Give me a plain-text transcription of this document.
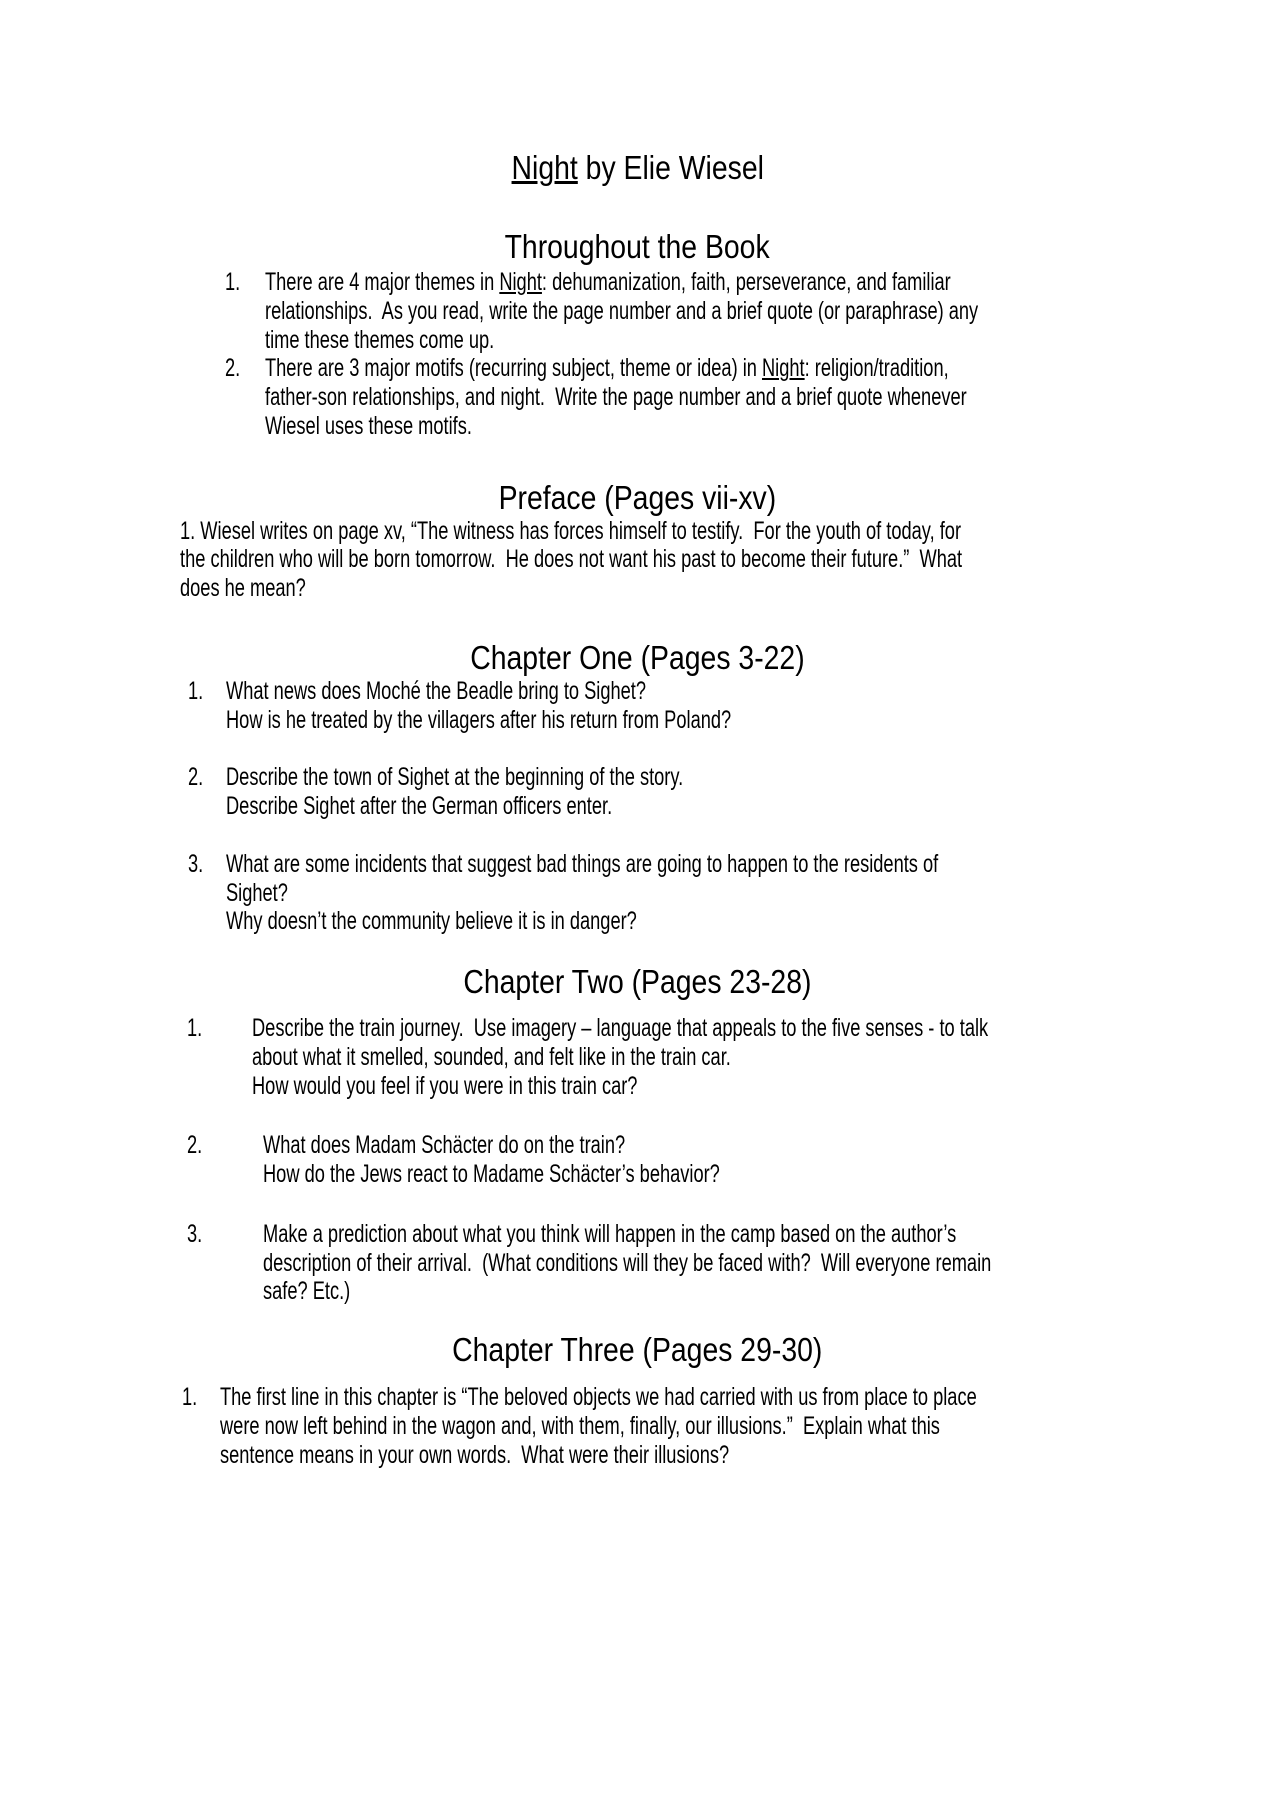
Night by Elie Wiesel
Throughout the Book
1. There are 4 major themes in Night: dehumanization, faith, perseverance, and familiar
relationships.  As you read, write the page number and a brief quote (or paraphrase) any
time these themes come up.
2. There are 3 major motifs (recurring subject, theme or idea) in Night: religion/tradition,
father-son relationships, and night.  Write the page number and a brief quote whenever
Wiesel uses these motifs.
Preface (Pages vii-xv)
1. Wiesel writes on page xv, “The witness has forces himself to testify.  For the youth of today, for
the children who will be born tomorrow.  He does not want his past to become their future.”  What
does he mean?
Chapter One (Pages 3-22)
1. What news does Moché the Beadle bring to Sighet?
How is he treated by the villagers after his return from Poland?
2. Describe the town of Sighet at the beginning of the story.
Describe Sighet after the German officers enter.
3. What are some incidents that suggest bad things are going to happen to the residents of
Sighet?
Why doesn’t the community believe it is in danger?
Chapter Two (Pages 23-28)
1. Describe the train journey.  Use imagery – language that appeals to the five senses - to talk
about what it smelled, sounded, and felt like in the train car.
How would you feel if you were in this train car?
2. What does Madam Schäcter do on the train?
How do the Jews react to Madame Schäcter’s behavior?
3. Make a prediction about what you think will happen in the camp based on the author’s
description of their arrival.  (What conditions will they be faced with?  Will everyone remain
safe? Etc.)
Chapter Three (Pages 29-30)
1. The first line in this chapter is “The beloved objects we had carried with us from place to place
were now left behind in the wagon and, with them, finally, our illusions.”  Explain what this
sentence means in your own words.  What were their illusions?
